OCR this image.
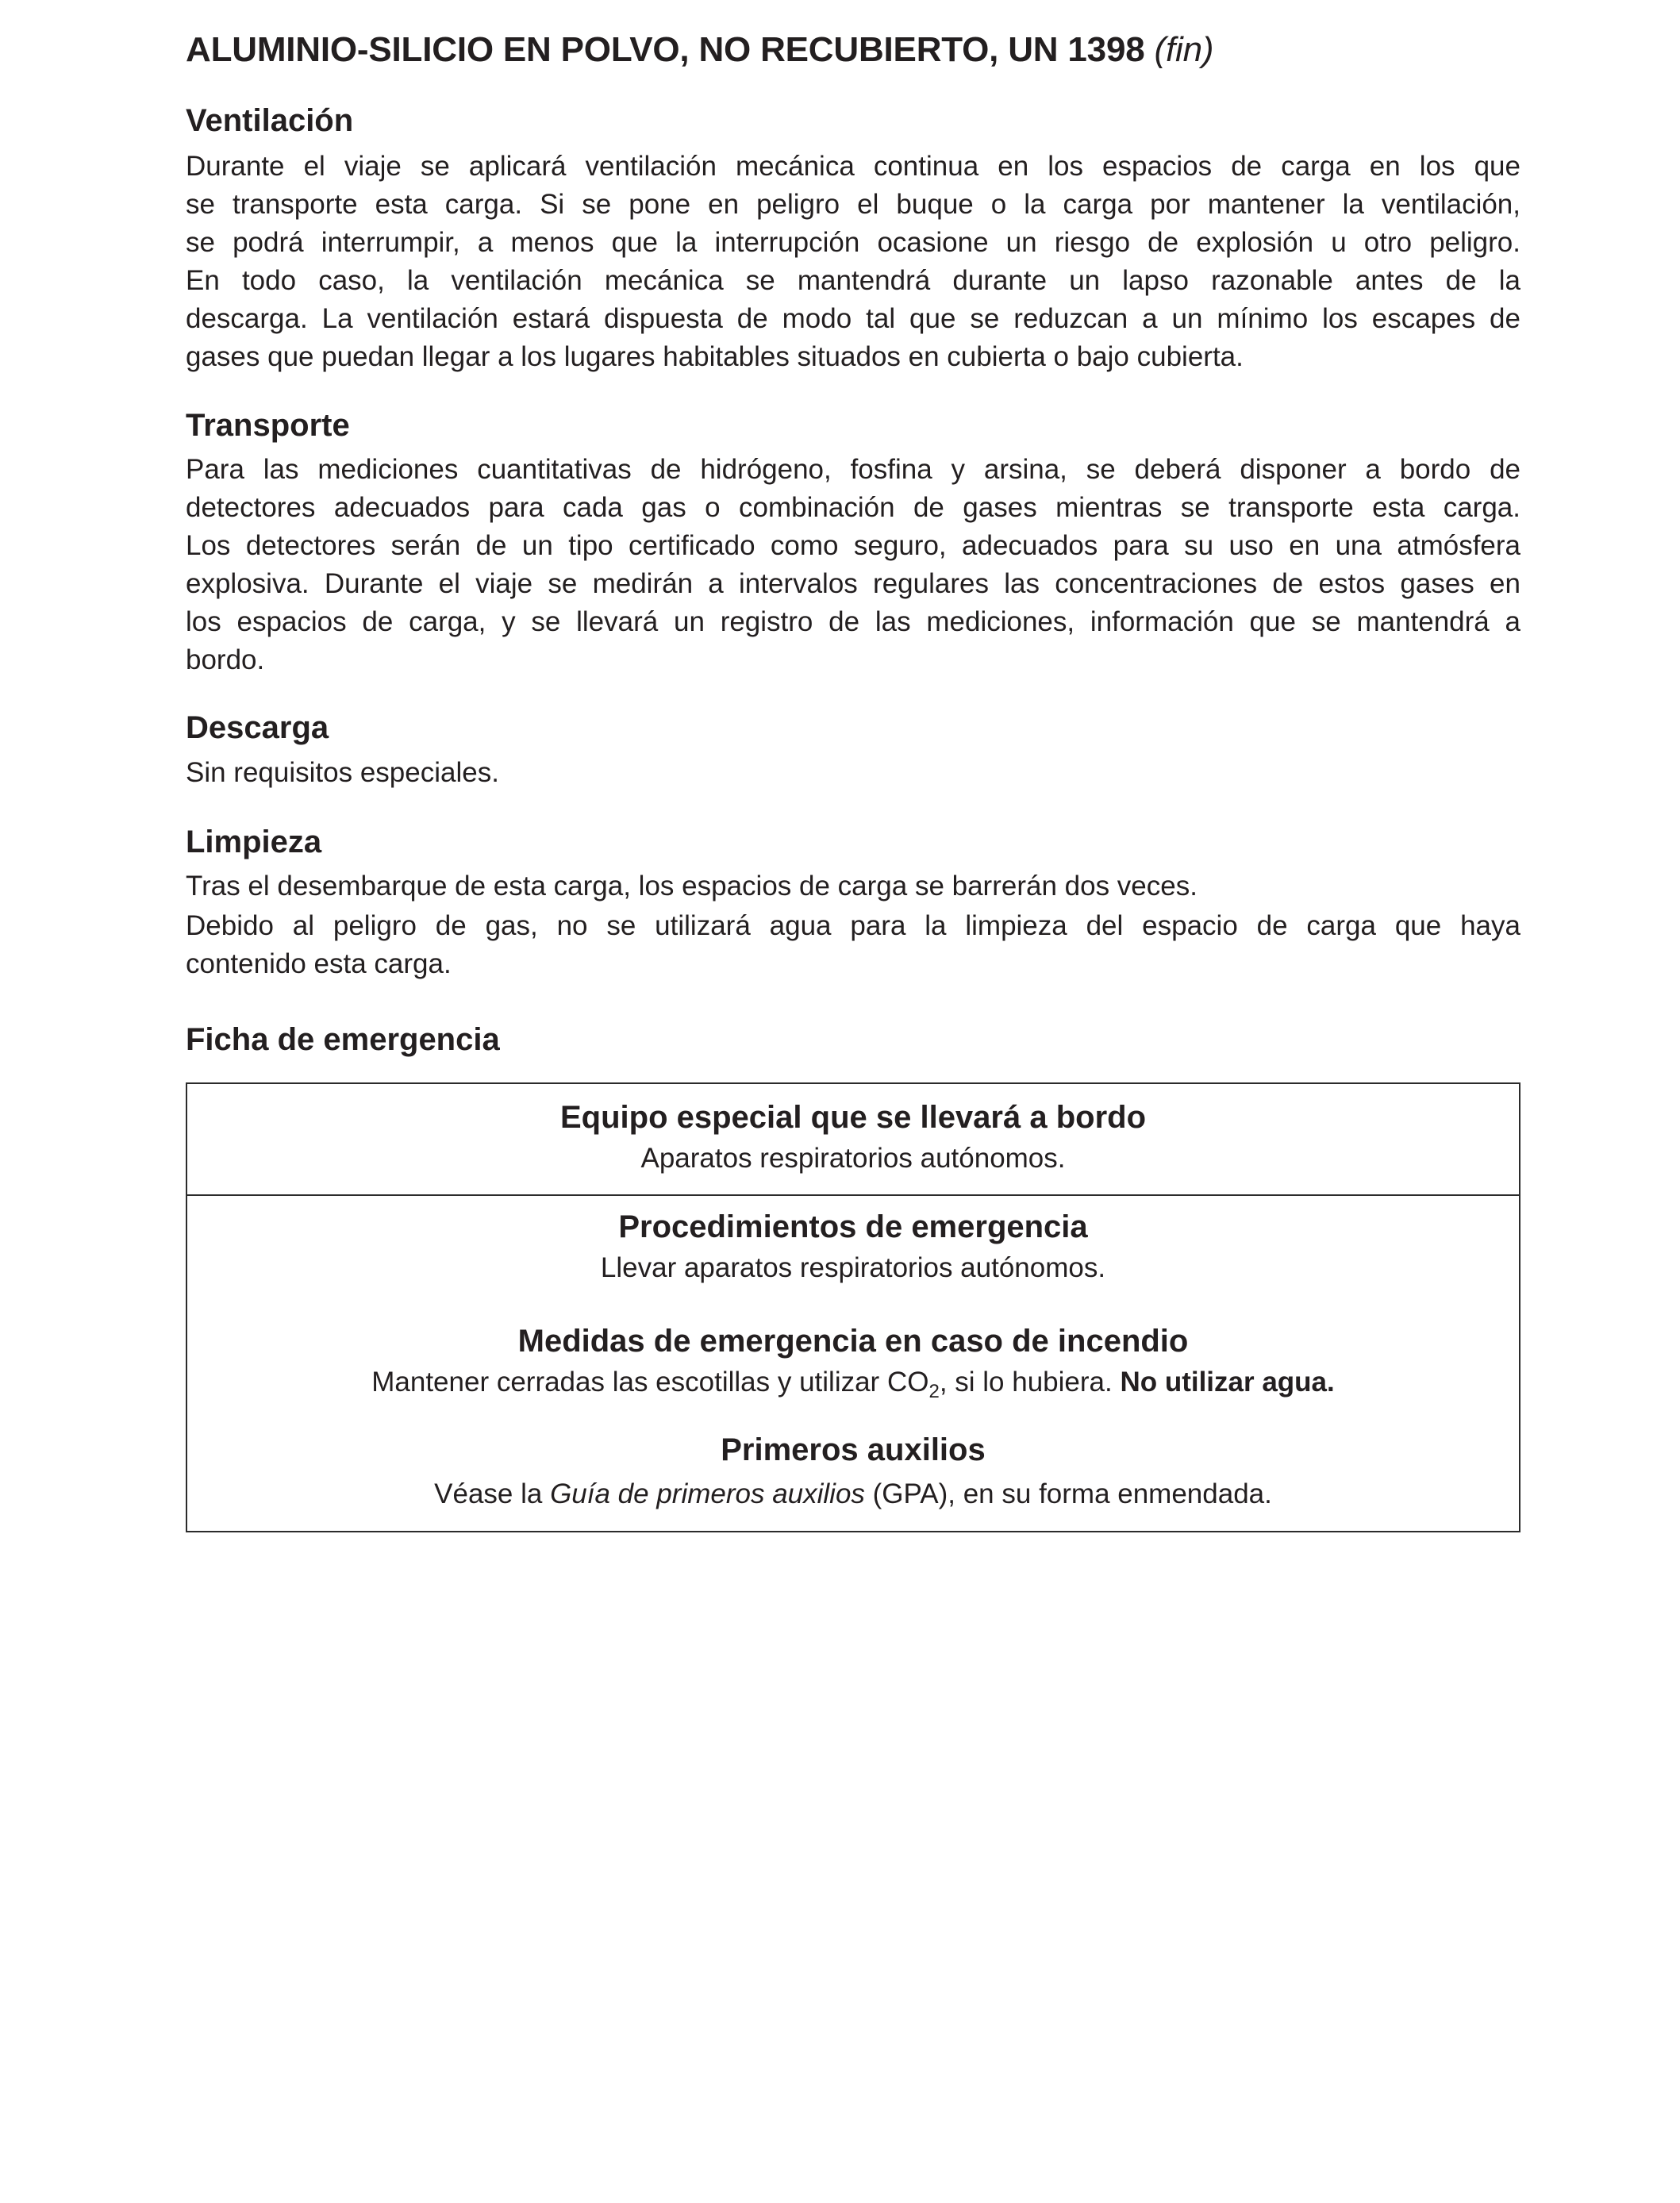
ALUMINIO-SILICIO EN POLVO, NO RECUBIERTO, UN 1398 (fin)
Ventilación
Durante el viaje se aplicará ventilación mecánica continua en los espacios de carga en los que
se transporte esta carga. Si se pone en peligro el buque o la carga por mantener la ventilación,
se podrá interrumpir, a menos que la interrupción ocasione un riesgo de explosión u otro peligro.
En todo caso, la ventilación mecánica se mantendrá durante un lapso razonable antes de la
descarga. La ventilación estará dispuesta de modo tal que se reduzcan a un mínimo los escapes de
gases que puedan llegar a los lugares habitables situados en cubierta o bajo cubierta.
Transporte
Para las mediciones cuantitativas de hidrógeno, fosfina y arsina, se deberá disponer a bordo de
detectores adecuados para cada gas o combinación de gases mientras se transporte esta carga.
Los detectores serán de un tipo certificado como seguro, adecuados para su uso en una atmósfera
explosiva. Durante el viaje se medirán a intervalos regulares las concentraciones de estos gases en
los espacios de carga, y se llevará un registro de las mediciones, información que se mantendrá a
bordo.
Descarga
Sin requisitos especiales.
Limpieza
Tras el desembarque de esta carga, los espacios de carga se barrerán dos veces.
Debido al peligro de gas, no se utilizará agua para la limpieza del espacio de carga que haya
contenido esta carga.
Ficha de emergencia
Equipo especial que se llevará a bordo
Aparatos respiratorios autónomos.
Procedimientos de emergencia
Llevar aparatos respiratorios autónomos.
Medidas de emergencia en caso de incendio
Mantener cerradas las escotillas y utilizar $CO_2$, si lo hubiera. No utilizar agua.
Primeros auxilios
Véase la Guía de primeros auxilios (GPA), en su forma enmendada.
